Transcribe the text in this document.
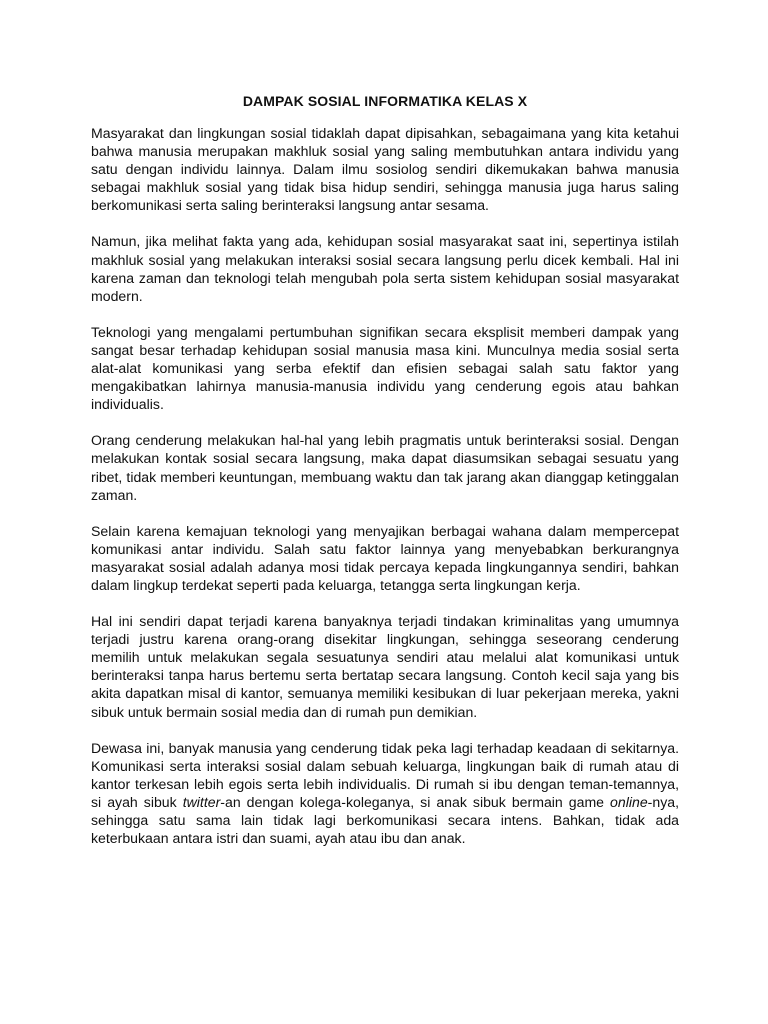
DAMPAK SOSIAL INFORMATIKA KELAS X

Masyarakat dan lingkungan sosial tidaklah dapat dipisahkan, sebagaimana yang kita ketahui bahwa manusia merupakan makhluk sosial yang saling membutuhkan antara individu yang satu dengan individu lainnya. Dalam ilmu sosiolog sendiri dikemukakan bahwa manusia sebagai makhluk sosial yang tidak bisa hidup sendiri, sehingga manusia juga harus saling berkomunikasi serta saling berinteraksi langsung antar sesama.

Namun, jika melihat fakta yang ada, kehidupan sosial masyarakat saat ini, sepertinya istilah makhluk sosial yang melakukan interaksi sosial secara langsung perlu dicek kembali. Hal ini karena zaman dan teknologi telah mengubah pola serta sistem kehidupan sosial masyarakat modern.

Teknologi yang mengalami pertumbuhan signifikan secara eksplisit memberi dampak yang sangat besar terhadap kehidupan sosial manusia masa kini. Munculnya media sosial serta alat-alat komunikasi yang serba efektif dan efisien sebagai salah satu faktor yang mengakibatkan lahirnya manusia-manusia individu yang cenderung egois atau bahkan individualis.

Orang cenderung melakukan hal-hal yang lebih pragmatis untuk berinteraksi sosial. Dengan melakukan kontak sosial secara langsung, maka dapat diasumsikan sebagai sesuatu yang ribet, tidak memberi keuntungan, membuang waktu dan tak jarang akan dianggap ketinggalan zaman.

Selain karena kemajuan teknologi yang menyajikan berbagai wahana dalam mempercepat komunikasi antar individu. Salah satu faktor lainnya yang menyebabkan berkurangnya masyarakat sosial adalah adanya mosi tidak percaya kepada lingkungannya sendiri, bahkan dalam lingkup terdekat seperti pada keluarga, tetangga serta lingkungan kerja.

Hal ini sendiri dapat terjadi karena banyaknya terjadi tindakan kriminalitas yang umumnya terjadi justru karena orang-orang disekitar lingkungan, sehingga seseorang cenderung memilih untuk melakukan segala sesuatunya sendiri atau melalui alat komunikasi untuk berinteraksi tanpa harus bertemu serta bertatap secara langsung. Contoh kecil saja yang bis akita dapatkan misal di kantor, semuanya memiliki kesibukan di luar pekerjaan mereka, yakni sibuk untuk bermain sosial media dan di rumah pun demikian.

Dewasa ini, banyak manusia yang cenderung tidak peka lagi terhadap keadaan di sekitarnya. Komunikasi serta interaksi sosial dalam sebuah keluarga, lingkungan baik di rumah atau di kantor terkesan lebih egois serta lebih individualis. Di rumah si ibu dengan teman-temannya, si ayah sibuk twitter-an dengan kolega-koleganya, si anak sibuk bermain game online-nya, sehingga satu sama lain tidak lagi berkomunikasi secara intens. Bahkan, tidak ada keterbukaan antara istri dan suami, ayah atau ibu dan anak.
